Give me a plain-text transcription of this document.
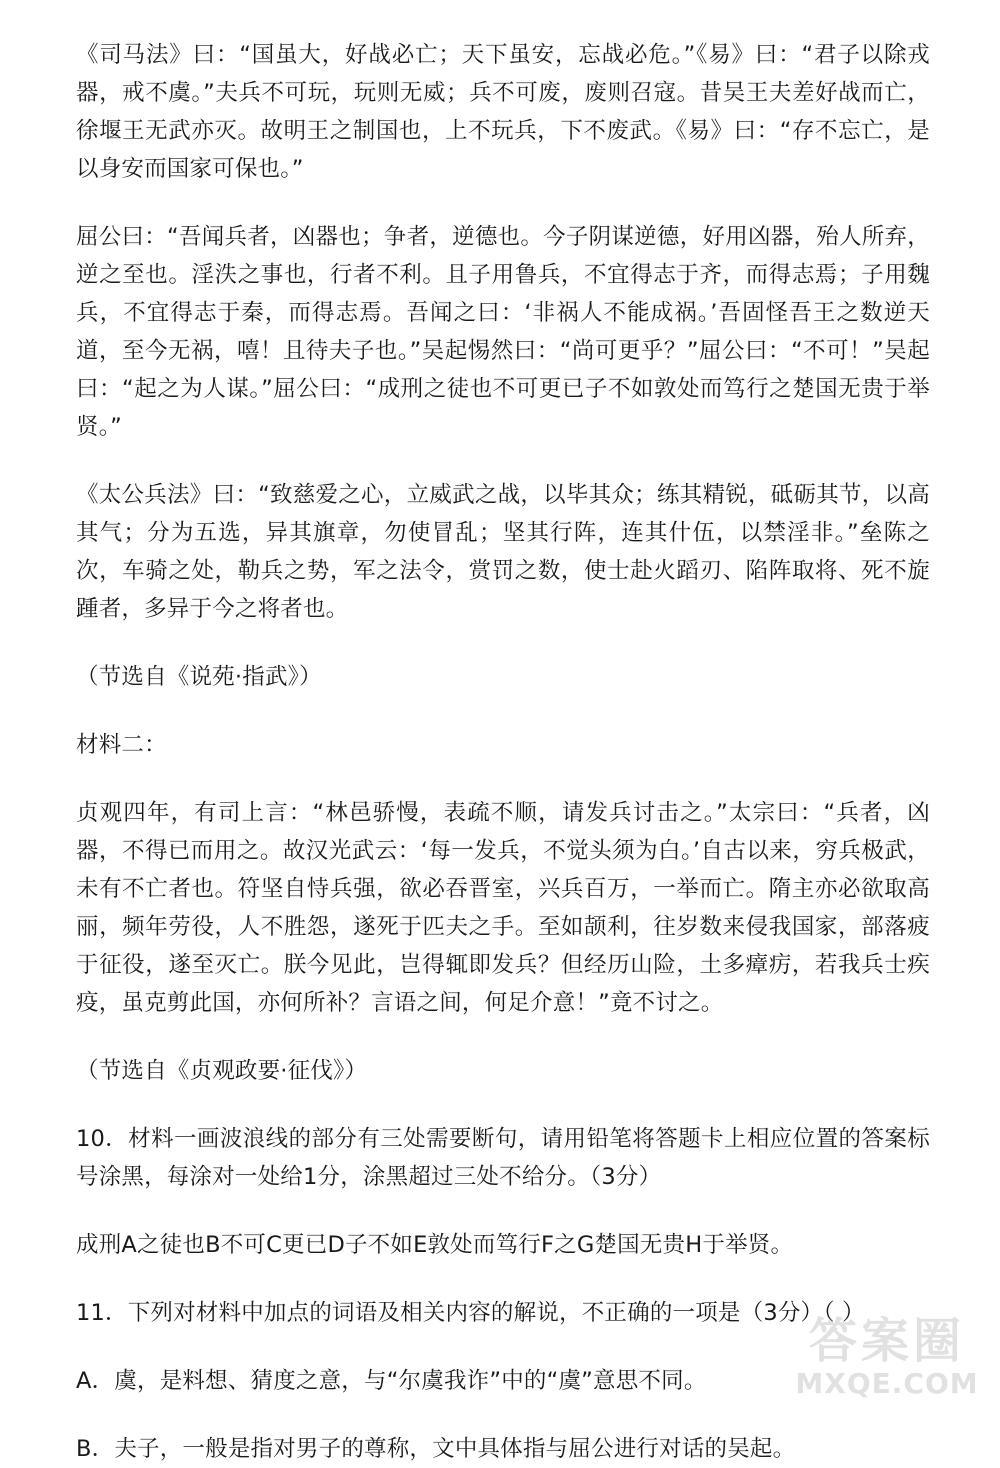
《司马法》曰：“国虽大，好战必亡；天下虽安，忘战必危。”《易》曰：“君子以除戎器，戒不虞。”夫兵不可玩，玩则无威；兵不可废，废则召寇。昔吴王夫差好战而亡，徐堰王无武亦灭。故明王之制国也，上不玩兵，下不废武。《易》曰：“存不忘亡，是以身安而国家可保也。”

屈公曰：“吾闻兵者，凶器也；争者，逆德也。今子阴谋逆德，好用凶器，殆人所弃，逆之至也。淫泆之事也，行者不利。且子用鲁兵，不宜得志于齐，而得志焉；子用魏兵，不宜得志于秦，而得志焉。吾闻之曰：‘非祸人不能成祸。’吾固怪吾王之数逆天道，至今无祸，嘻！且待夫子也。”吴起惕然曰：“尚可更乎？”屈公曰：“不可！”吴起曰：“起之为人谋。”屈公曰：“成刑之徒也不可更已子不如敦处而笃行之楚国无贵于举贤。”

《太公兵法》曰：“致慈爱之心，立威武之战，以毕其众；练其精锐，砥砺其节，以高其气；分为五选，异其旗章，勿使冒乱；坚其行阵，连其什伍，以禁淫非。”垒陈之次，车骑之处，勒兵之势，军之法令，赏罚之数，使士赴火蹈刃、陷阵取将、死不旋踵者，多异于今之将者也。

（节选自《说苑·指武》）

材料二：

贞观四年，有司上言：“林邑骄慢，表疏不顺，请发兵讨击之。”太宗曰：“兵者，凶器，不得已而用之。故汉光武云：‘每一发兵，不觉头须为白。’自古以来，穷兵极武，未有不亡者也。符坚自恃兵强，欲必吞晋室，兴兵百万，一举而亡。隋主亦必欲取高丽，频年劳役，人不胜怨，遂死于匹夫之手。至如颉利，往岁数来侵我国家，部落疲于征役，遂至灭亡。朕今见此，岂得辄即发兵？但经历山险，土多瘴疠，若我兵士疾疫，虽克剪此国，亦何所补？言语之间，何足介意！”竟不讨之。

（节选自《贞观政要·征伐》）

10．材料一画波浪线的部分有三处需要断句，请用铅笔将答题卡上相应位置的答案标号涂黑，每涂对一处给1分，涂黑超过三处不给分。（3分）

成刑A之徒也B不可C更已D子不如E敦处而笃行F之G楚国无贵H于举贤。

11．下列对材料中加点的词语及相关内容的解说，不正确的一项是（3分）（ ）

A．虞，是料想、猜度之意，与“尔虞我诈”中的“虞”意思不同。

B．夫子，一般是指对男子的尊称，文中具体指与屈公进行对话的吴起。

答案圈
MXQE.COM
